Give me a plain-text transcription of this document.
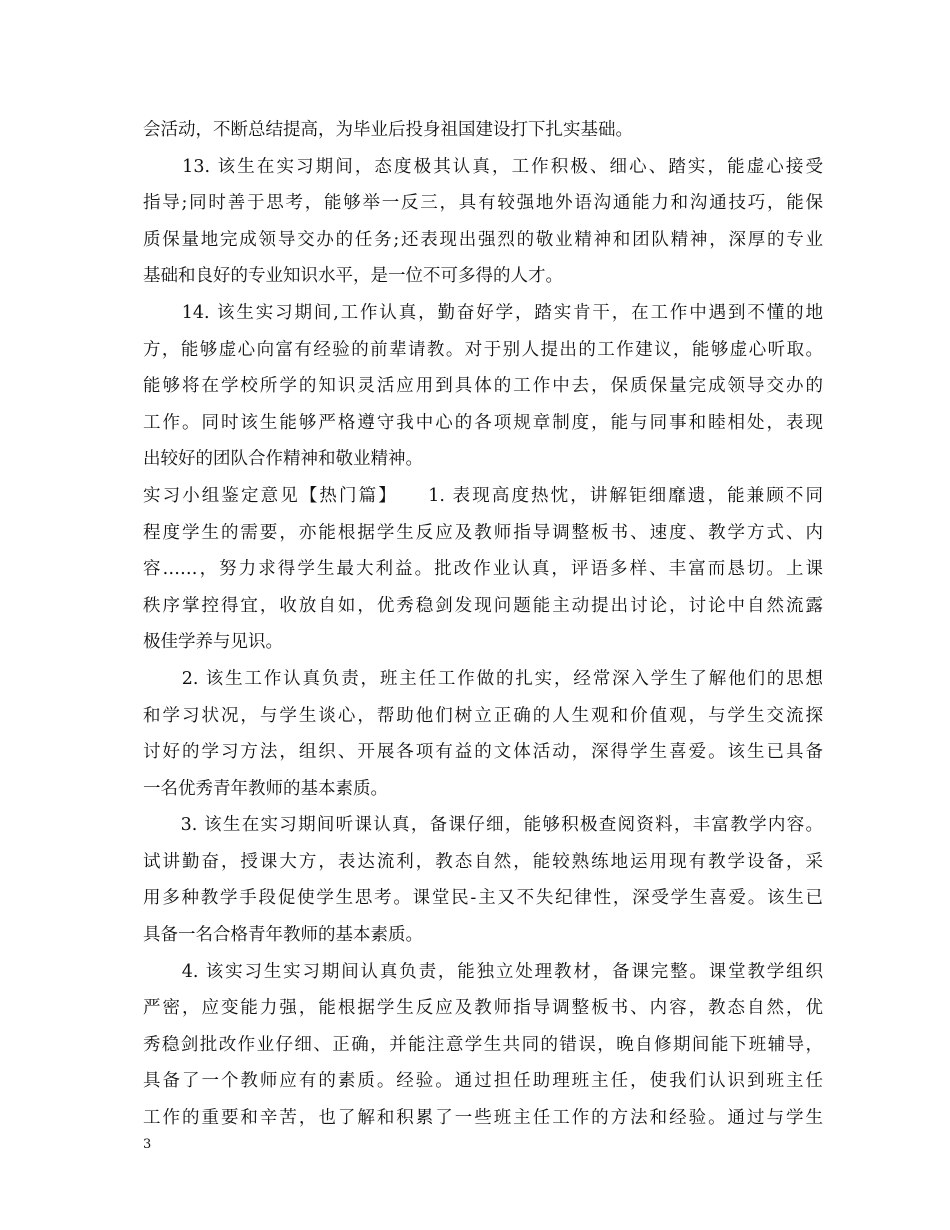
会活动，不断总结提高，为毕业后投身祖国建设打下扎实基础。
　　13. 该生在实习期间，态度极其认真，工作积极、细心、踏实，能虚心接受
指导;同时善于思考，能够举一反三，具有较强地外语沟通能力和沟通技巧，能保
质保量地完成领导交办的任务;还表现出强烈的敬业精神和团队精神，深厚的专业
基础和良好的专业知识水平，是一位不可多得的人才。
　　14. 该生实习期间,工作认真，勤奋好学，踏实肯干，在工作中遇到不懂的地
方，能够虚心向富有经验的前辈请教。对于别人提出的工作建议，能够虚心听取。
能够将在学校所学的知识灵活应用到具体的工作中去，保质保量完成领导交办的
工作。同时该生能够严格遵守我中心的各项规章制度，能与同事和睦相处，表现
出较好的团队合作精神和敬业精神。
实习小组鉴定意见【热门篇】　　1. 表现高度热忱，讲解钜细靡遗，能兼顾不同
程度学生的需要，亦能根据学生反应及教师指导调整板书、速度、教学方式、内
容……，努力求得学生最大利益。批改作业认真，评语多样、丰富而恳切。上课
秩序掌控得宜，收放自如，优秀稳剑发现问题能主动提出讨论，讨论中自然流露
极佳学养与见识。
　　2. 该生工作认真负责，班主任工作做的扎实，经常深入学生了解他们的思想
和学习状况，与学生谈心，帮助他们树立正确的人生观和价值观，与学生交流探
讨好的学习方法，组织、开展各项有益的文体活动，深得学生喜爱。该生已具备
一名优秀青年教师的基本素质。
　　3. 该生在实习期间听课认真，备课仔细，能够积极查阅资料，丰富教学内容。
试讲勤奋，授课大方，表达流利，教态自然，能较熟练地运用现有教学设备，采
用多种教学手段促使学生思考。课堂民-主又不失纪律性，深受学生喜爱。该生已
具备一名合格青年教师的基本素质。
　　4. 该实习生实习期间认真负责，能独立处理教材，备课完整。课堂教学组织
严密，应变能力强，能根据学生反应及教师指导调整板书、内容，教态自然，优
秀稳剑批改作业仔细、正确，并能注意学生共同的错误，晚自修期间能下班辅导，
具备了一个教师应有的素质。经验。通过担任助理班主任，使我们认识到班主任
工作的重要和辛苦，也了解和积累了一些班主任工作的方法和经验。通过与学生
3
